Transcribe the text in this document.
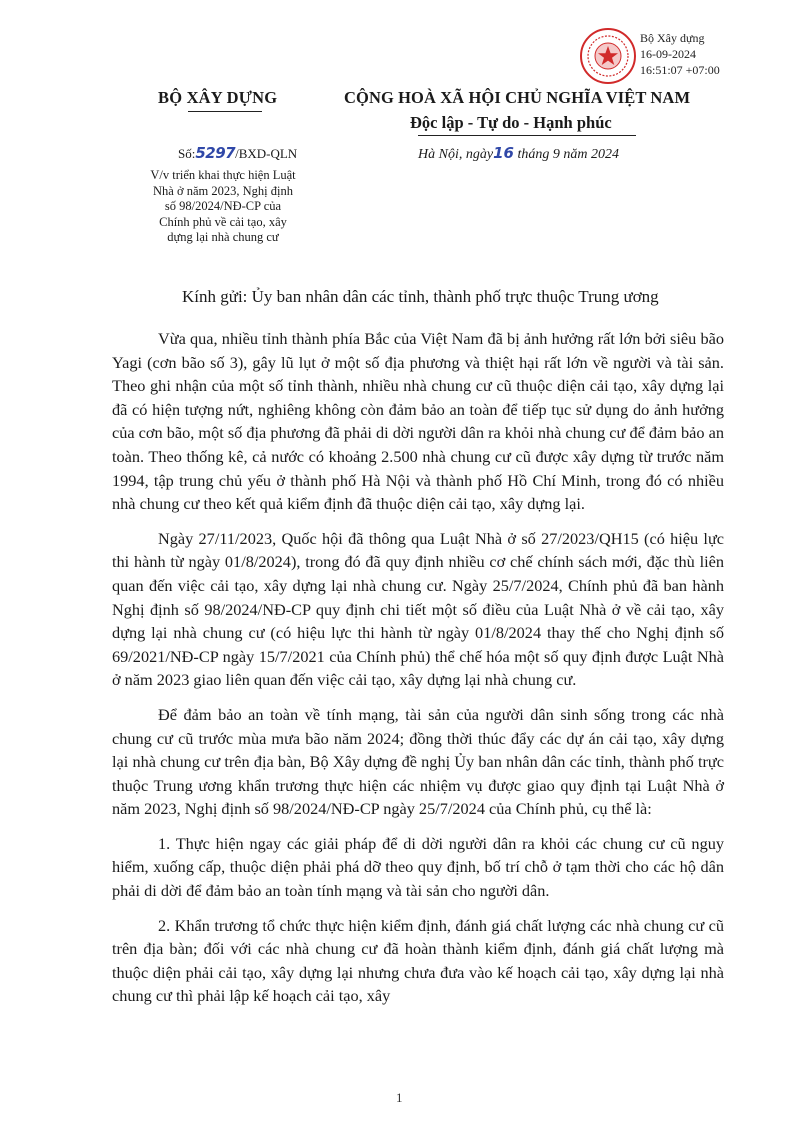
Bộ Xây dựng
16-09-2024
16:51:07 +07:00
BỘ XÂY DỰNG	CỘNG HOÀ XÃ HỘI CHỦ NGHĨA VIỆT NAM
Độc lập - Tự do - Hạnh phúc
Số:5297/BXD-QLN	Hà Nội, ngày16 tháng 9 năm 2024
V/v triển khai thực hiện Luật Nhà ở năm 2023, Nghị định số 98/2024/NĐ-CP của Chính phủ về cải tạo, xây dựng lại nhà chung cư
Kính gửi: Ủy ban nhân dân các tỉnh, thành phố trực thuộc Trung ương

Vừa qua, nhiều tỉnh thành phía Bắc của Việt Nam đã bị ảnh hưởng rất lớn bởi siêu bão Yagi (cơn bão số 3), gây lũ lụt ở một số địa phương và thiệt hại rất lớn về người và tài sản. Theo ghi nhận của một số tỉnh thành, nhiều nhà chung cư cũ thuộc diện cải tạo, xây dựng lại đã có hiện tượng nứt, nghiêng không còn đảm bảo an toàn để tiếp tục sử dụng do ảnh hưởng của cơn bão, một số địa phương đã phải di dời người dân ra khỏi nhà chung cư để đảm bảo an toàn. Theo thống kê, cả nước có khoảng 2.500 nhà chung cư cũ được xây dựng từ trước năm 1994, tập trung chủ yếu ở thành phố Hà Nội và thành phố Hồ Chí Minh, trong đó có nhiều nhà chung cư theo kết quả kiểm định đã thuộc diện cải tạo, xây dựng lại.

Ngày 27/11/2023, Quốc hội đã thông qua Luật Nhà ở số 27/2023/QH15 (có hiệu lực thi hành từ ngày 01/8/2024), trong đó đã quy định nhiều cơ chế chính sách mới, đặc thù liên quan đến việc cải tạo, xây dựng lại nhà chung cư. Ngày 25/7/2024, Chính phủ đã ban hành Nghị định số 98/2024/NĐ-CP quy định chi tiết một số điều của Luật Nhà ở về cải tạo, xây dựng lại nhà chung cư (có hiệu lực thi hành từ ngày 01/8/2024 thay thế cho Nghị định số 69/2021/NĐ-CP ngày 15/7/2021 của Chính phủ) thể chế hóa một số quy định được Luật Nhà ở năm 2023 giao liên quan đến việc cải tạo, xây dựng lại nhà chung cư.

Để đảm bảo an toàn về tính mạng, tài sản của người dân sinh sống trong các nhà chung cư cũ trước mùa mưa bão năm 2024; đồng thời thúc đẩy các dự án cải tạo, xây dựng lại nhà chung cư trên địa bàn, Bộ Xây dựng đề nghị Ủy ban nhân dân các tỉnh, thành phố trực thuộc Trung ương khẩn trương thực hiện các nhiệm vụ được giao quy định tại Luật Nhà ở năm 2023, Nghị định số 98/2024/NĐ-CP ngày 25/7/2024 của Chính phủ, cụ thể là:

1. Thực hiện ngay các giải pháp để di dời người dân ra khỏi các chung cư cũ nguy hiểm, xuống cấp, thuộc diện phải phá dỡ theo quy định, bố trí chỗ ở tạm thời cho các hộ dân phải di dời để đảm bảo an toàn tính mạng và tài sản cho người dân.

2. Khẩn trương tổ chức thực hiện kiểm định, đánh giá chất lượng các nhà chung cư cũ trên địa bàn; đối với các nhà chung cư đã hoàn thành kiểm định, đánh giá chất lượng mà thuộc diện phải cải tạo, xây dựng lại nhưng chưa đưa vào kế hoạch cải tạo, xây dựng lại nhà chung cư thì phải lập kế hoạch cải tạo, xây

1
